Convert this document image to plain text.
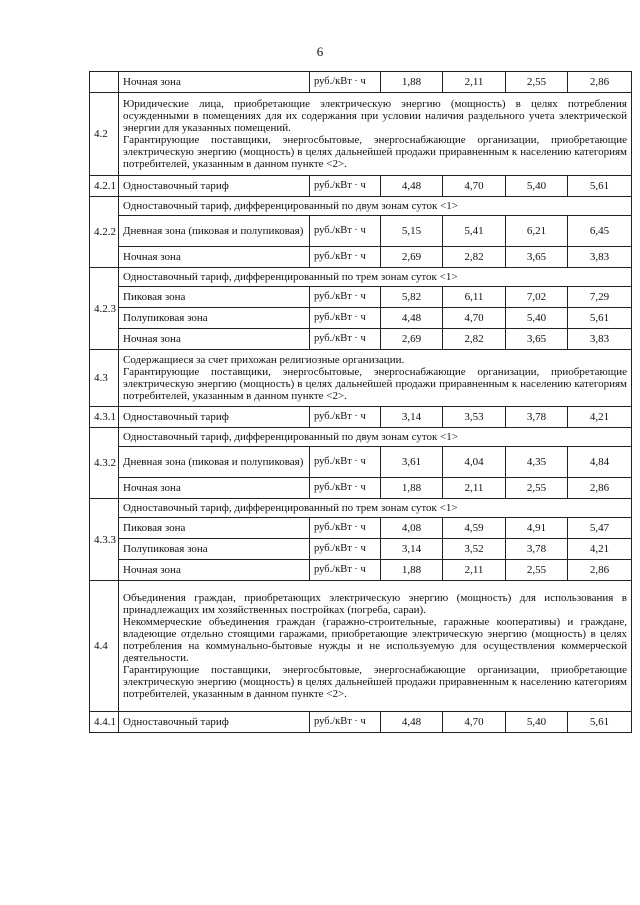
6
	Ночная зона	руб./кВт · ч	1,88	2,11	2,55	2,86
4.2	Юридические лица, приобретающие электрическую энергию (мощность) в целях потребления осужденными в помещениях для их содержания при условии наличия раздельного учета электрической энергии для указанных помещений.

Гарантирующие поставщики, энергосбытовые, энергоснабжающие организации, приобретающие электрическую энергию (мощность) в целях дальнейшей продажи приравненным к населению категориям потребителей, указанным в данном пункте <2>.					

4.2.1	Одноставочный тариф	руб./кВт · ч	4,48	4,70	5,40	5,61
4.2.2	Одноставочный тариф, дифференцированный по двум зонам суток <1>					
	Дневная зона (пиковая и полупиковая)	руб./кВт · ч	5,15	5,41	6,21	6,45
	Ночная зона	руб./кВт · ч	2,69	2,82	3,65	3,83
4.2.3	Одноставочный тариф, дифференцированный по трем зонам суток <1>					
	Пиковая зона	руб./кВт · ч	5,82	6,11	7,02	7,29
	Полупиковая зона	руб./кВт · ч	4,48	4,70	5,40	5,61
	Ночная зона	руб./кВт · ч	2,69	2,82	3,65	3,83
4.3	Содержащиеся за счет прихожан религиозные организации.

Гарантирующие поставщики, энергосбытовые, энергоснабжающие организации, приобретающие электрическую энергию (мощность) в целях дальнейшей продажи приравненным к населению категориям потребителей, указанным в данном пункте <2>.					

4.3.1	Одноставочный тариф	руб./кВт · ч	3,14	3,53	3,78	4,21
4.3.2	Одноставочный тариф, дифференцированный по двум зонам суток <1>					
	Дневная зона (пиковая и полупиковая)	руб./кВт · ч	3,61	4,04	4,35	4,84
	Ночная зона	руб./кВт · ч	1,88	2,11	2,55	2,86
4.3.3	Одноставочный тариф, дифференцированный по трем зонам суток <1>					
	Пиковая зона	руб./кВт · ч	4,08	4,59	4,91	5,47
	Полупиковая зона	руб./кВт · ч	3,14	3,52	3,78	4,21
	Ночная зона	руб./кВт · ч	1,88	2,11	2,55	2,86
4.4	Объединения граждан, приобретающих электрическую энергию (мощность) для использования в принадлежащих им хозяйственных постройках (погреба, сараи).

Некоммерческие объединения граждан (гаражно-строительные, гаражные кооперативы) и граждане, владеющие отдельно стоящими гаражами, приобретающие электрическую энергию (мощность) в целях потребления на коммунально-бытовые нужды и не используемую для осуществления коммерческой деятельности.

Гарантирующие поставщики, энергосбытовые, энергоснабжающие организации, приобретающие электрическую энергию (мощность) в целях дальнейшей продажи приравненным к населению категориям потребителей, указанным в данном пункте <2>.					

4.4.1	Одноставочный тариф	руб./кВт · ч	4,48	4,70	5,40	5,61
